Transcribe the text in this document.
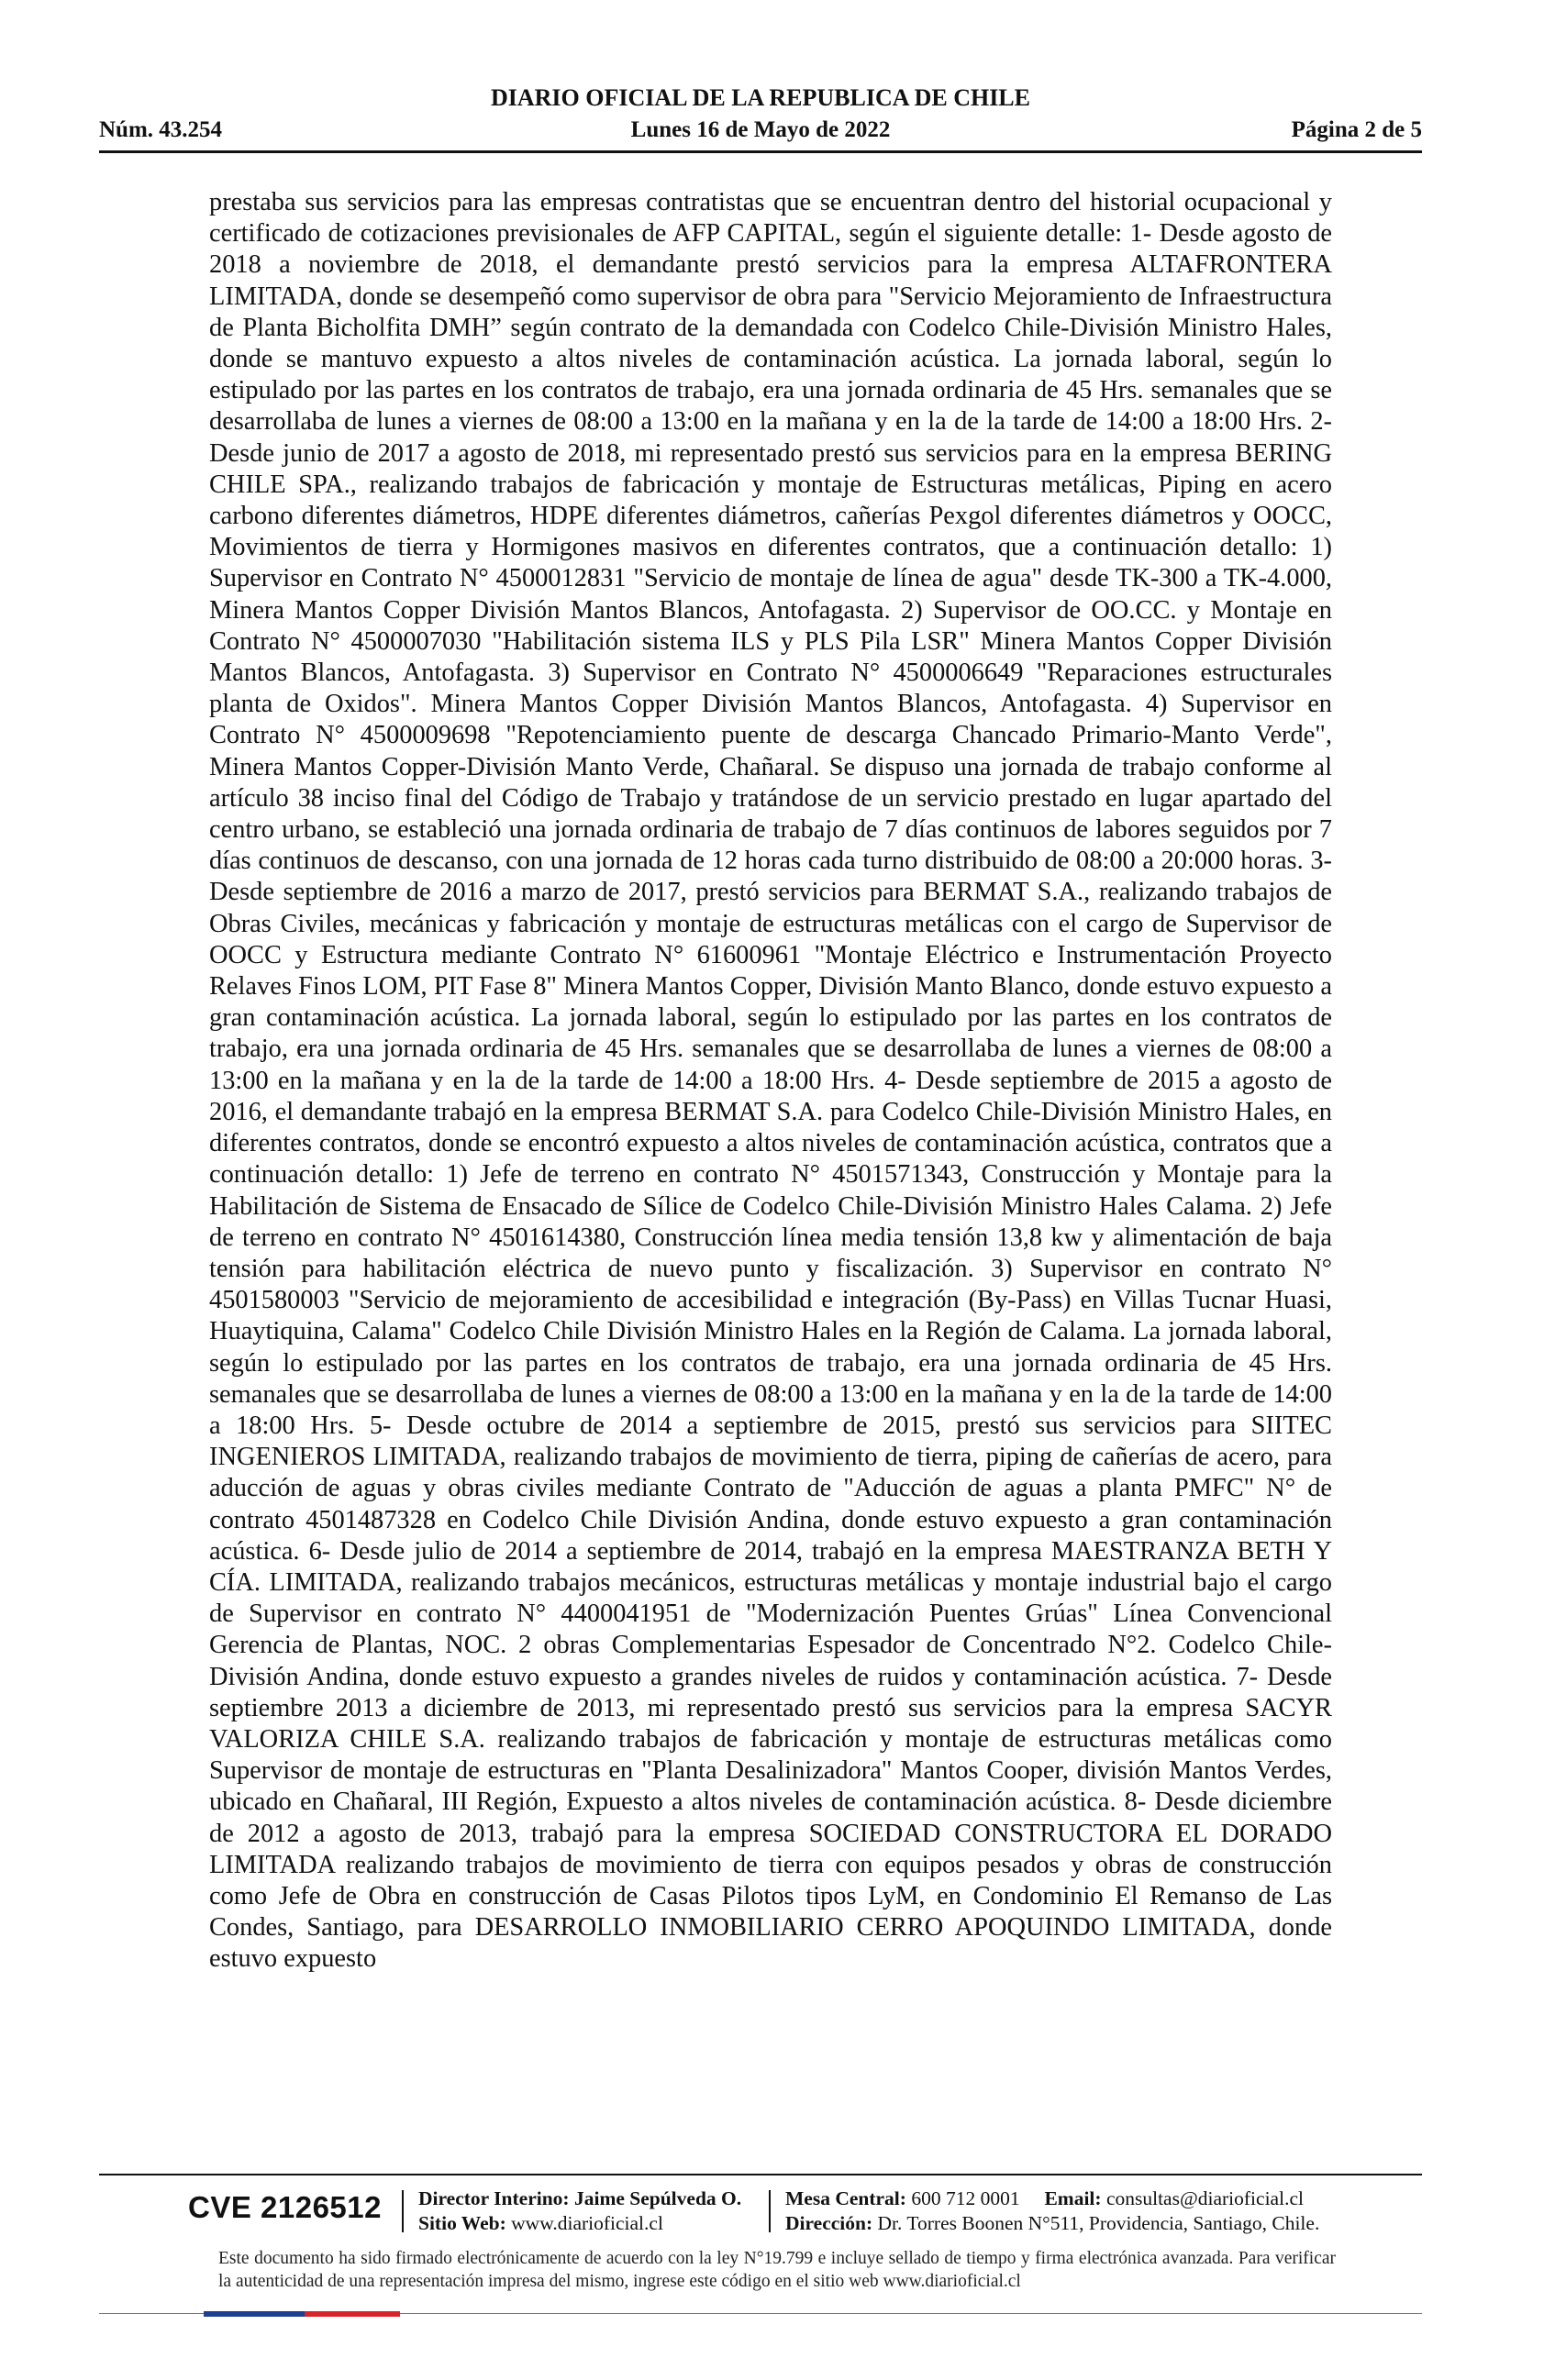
DIARIO OFICIAL DE LA REPUBLICA DE CHILE
Núm. 43.254	Lunes 16 de Mayo de 2022	Página 2 de 5

prestaba sus servicios para las empresas contratistas que se encuentran dentro del historial ocupacional y certificado de cotizaciones previsionales de AFP CAPITAL, según el siguiente detalle: 1- Desde agosto de 2018 a noviembre de 2018, el demandante prestó servicios para la empresa ALTAFRONTERA LIMITADA, donde se desempeñó como supervisor de obra para "Servicio Mejoramiento de Infraestructura de Planta Bicholfita DMH” según contrato de la demandada con Codelco Chile-División Ministro Hales, donde se mantuvo expuesto a altos niveles de contaminación acústica. La jornada laboral, según lo estipulado por las partes en los contratos de trabajo, era una jornada ordinaria de 45 Hrs. semanales que se desarrollaba de lunes a viernes de 08:00 a 13:00 en la mañana y en la de la tarde de 14:00 a 18:00 Hrs. 2- Desde junio de 2017 a agosto de 2018, mi representado prestó sus servicios para en la empresa BERING CHILE SPA., realizando trabajos de fabricación y montaje de Estructuras metálicas, Piping en acero carbono diferentes diámetros, HDPE diferentes diámetros, cañerías Pexgol diferentes diámetros y OOCC, Movimientos de tierra y Hormigones masivos en diferentes contratos, que a continuación detallo: 1) Supervisor en Contrato N° 4500012831 "Servicio de montaje de línea de agua" desde TK-300 a TK-4.000, Minera Mantos Copper División Mantos Blancos, Antofagasta. 2) Supervisor de OO.CC. y Montaje en Contrato N° 4500007030 "Habilitación sistema ILS y PLS Pila LSR" Minera Mantos Copper División Mantos Blancos, Antofagasta. 3) Supervisor en Contrato N° 4500006649 "Reparaciones estructurales planta de Oxidos". Minera Mantos Copper División Mantos Blancos, Antofagasta. 4) Supervisor en Contrato N° 4500009698 "Repotenciamiento puente de descarga Chancado Primario-Manto Verde", Minera Mantos Copper-División Manto Verde, Chañaral. Se dispuso una jornada de trabajo conforme al artículo 38 inciso final del Código de Trabajo y tratándose de un servicio prestado en lugar apartado del centro urbano, se estableció una jornada ordinaria de trabajo de 7 días continuos de labores seguidos por 7 días continuos de descanso, con una jornada de 12 horas cada turno distribuido de 08:00 a 20:000 horas. 3- Desde septiembre de 2016 a marzo de 2017, prestó servicios para BERMAT S.A., realizando trabajos de Obras Civiles, mecánicas y fabricación y montaje de estructuras metálicas con el cargo de Supervisor de OOCC y Estructura mediante Contrato N° 61600961 "Montaje Eléctrico e Instrumentación Proyecto Relaves Finos LOM, PIT Fase 8" Minera Mantos Copper, División Manto Blanco, donde estuvo expuesto a gran contaminación acústica. La jornada laboral, según lo estipulado por las partes en los contratos de trabajo, era una jornada ordinaria de 45 Hrs. semanales que se desarrollaba de lunes a viernes de 08:00 a 13:00 en la mañana y en la de la tarde de 14:00 a 18:00 Hrs. 4- Desde septiembre de 2015 a agosto de 2016, el demandante trabajó en la empresa BERMAT S.A. para Codelco Chile-División Ministro Hales, en diferentes contratos, donde se encontró expuesto a altos niveles de contaminación acústica, contratos que a continuación detallo: 1) Jefe de terreno en contrato N° 4501571343, Construcción y Montaje para la Habilitación de Sistema de Ensacado de Sílice de Codelco Chile-División Ministro Hales Calama. 2) Jefe de terreno en contrato N° 4501614380, Construcción línea media tensión 13,8 kw y alimentación de baja tensión para habilitación eléctrica de nuevo punto y fiscalización. 3) Supervisor en contrato N° 4501580003 "Servicio de mejoramiento de accesibilidad e integración (By-Pass) en Villas Tucnar Huasi, Huaytiquina, Calama" Codelco Chile División Ministro Hales en la Región de Calama. La jornada laboral, según lo estipulado por las partes en los contratos de trabajo, era una jornada ordinaria de 45 Hrs. semanales que se desarrollaba de lunes a viernes de 08:00 a 13:00 en la mañana y en la de la tarde de 14:00 a 18:00 Hrs. 5- Desde octubre de 2014 a septiembre de 2015, prestó sus servicios para SIITEC INGENIEROS LIMITADA, realizando trabajos de movimiento de tierra, piping de cañerías de acero, para aducción de aguas y obras civiles mediante Contrato de "Aducción de aguas a planta PMFC" N° de contrato 4501487328 en Codelco Chile División Andina, donde estuvo expuesto a gran contaminación acústica. 6- Desde julio de 2014 a septiembre de 2014, trabajó en la empresa MAESTRANZA BETH Y CÍA. LIMITADA, realizando trabajos mecánicos, estructuras metálicas y montaje industrial bajo el cargo de Supervisor en contrato N° 4400041951 de "Modernización Puentes Grúas" Línea Convencional Gerencia de Plantas, NOC. 2 obras Complementarias Espesador de Concentrado N°2. Codelco Chile-División Andina, donde estuvo expuesto a grandes niveles de ruidos y contaminación acústica. 7- Desde septiembre 2013 a diciembre de 2013, mi representado prestó sus servicios para la empresa SACYR VALORIZA CHILE S.A. realizando trabajos de fabricación y montaje de estructuras metálicas como Supervisor de montaje de estructuras en "Planta Desalinizadora" Mantos Cooper, división Mantos Verdes, ubicado en Chañaral, III Región, Expuesto a altos niveles de contaminación acústica. 8- Desde diciembre de 2012 a agosto de 2013, trabajó para la empresa SOCIEDAD CONSTRUCTORA EL DORADO LIMITADA realizando trabajos de movimiento de tierra con equipos pesados y obras de construcción como Jefe de Obra en construcción de Casas Pilotos tipos LyM, en Condominio El Remanso de Las Condes, Santiago, para DESARROLLO INMOBILIARIO CERRO APOQUINDO LIMITADA, donde estuvo expuesto

CVE 2126512 Director Interino: Jaime Sepúlveda O.
Sitio Web: www.diarioficial.cl
Mesa Central: 600 712 0001 Email: consultas@diarioficial.cl
Dirección: Dr. Torres Boonen N°511, Providencia, Santiago, Chile.
Este documento ha sido firmado electrónicamente de acuerdo con la ley N°19.799 e incluye sellado de tiempo y firma electrónica avanzada. Para verificar la autenticidad de una representación impresa del mismo, ingrese este código en el sitio web www.diarioficial.cl
